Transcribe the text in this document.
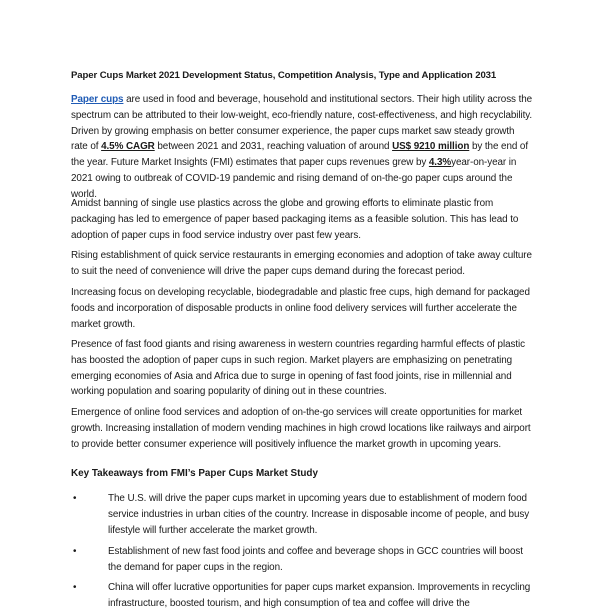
Paper Cups Market 2021 Development Status, Competition Analysis, Type and Application 2031
Paper cups are used in food and beverage, household and institutional sectors. Their high utility across the spectrum can be attributed to their low-weight, eco-friendly nature, cost-effectiveness, and high recyclability. Driven by growing emphasis on better consumer experience, the paper cups market saw steady growth rate of 4.5% CAGR between 2021 and 2031, reaching valuation of around US$ 9210 million by the end of the year. Future Market Insights (FMI) estimates that paper cups revenues grew by 4.3%year-on-year in 2021 owing to outbreak of COVID-19 pandemic and rising demand of on-the-go paper cups around the world.
Amidst banning of single use plastics across the globe and growing efforts to eliminate plastic from packaging has led to emergence of paper based packaging items as a feasible solution. This has lead to adoption of paper cups in food service industry over past few years.
Rising establishment of quick service restaurants in emerging economies and adoption of take away culture to suit the need of convenience will drive the paper cups demand during the forecast period.
Increasing focus on developing recyclable, biodegradable and plastic free cups, high demand for packaged foods and incorporation of disposable products in online food delivery services will further accelerate the market growth.
Presence of fast food giants and rising awareness in western countries regarding harmful effects of plastic has boosted the adoption of paper cups in such region. Market players are emphasizing on penetrating emerging economies of Asia and Africa due to surge in opening of fast food joints, rise in millennial and working population and soaring popularity of dining out in these countries.
Emergence of online food services and adoption of on-the-go services will create opportunities for market growth. Increasing installation of modern vending machines in high crowd locations like railways and airport to provide better consumer experience will positively influence the market growth in upcoming years.
Key Takeaways from FMI’s Paper Cups Market Study
•	The U.S. will drive the paper cups market in upcoming years due to establishment of modern food service industries in urban cities of the country. Increase in disposable income of people, and busy lifestyle will further accelerate the market growth.
•	Establishment of new fast food joints and coffee and beverage shops in GCC countries will boost the demand for paper cups in the region.
•	China will offer lucrative opportunities for paper cups market expansion. Improvements in recycling infrastructure, boosted tourism, and high consumption of tea and coffee will drive the
